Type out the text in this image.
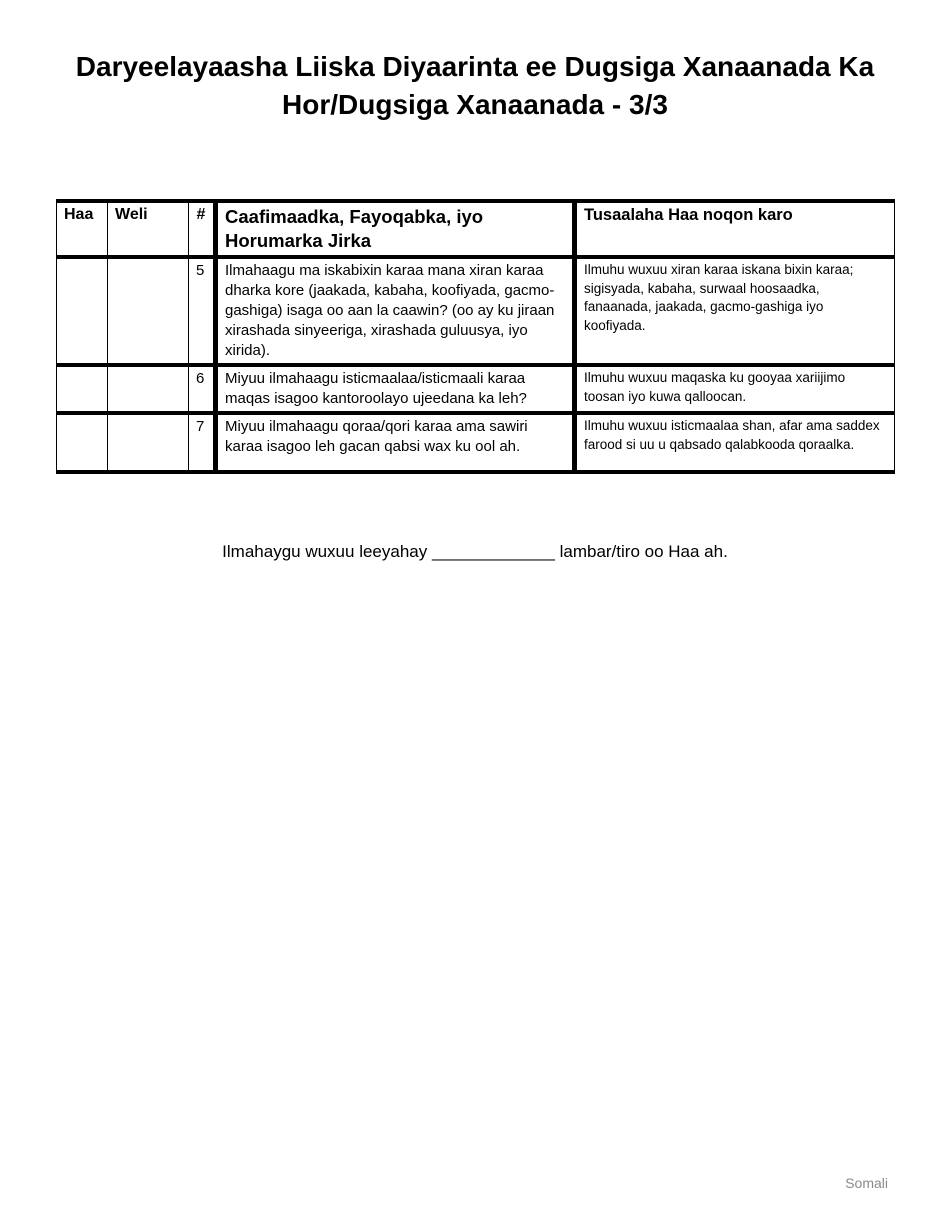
Daryeelayaasha Liiska Diyaarinta ee Dugsiga Xanaanada Ka
Hor/Dugsiga Xanaanada - 3/3
Haa	Weli	#	Caafimaadka, Fayoqabka, iyo Horumarka Jirka	Tusaalaha Haa noqon karo
		5	Ilmahaagu ma iskabixin karaa mana xiran karaa dharka kore (jaakada, kabaha, koofiyada, gacmo-gashiga) isaga oo aan la caawin? (oo ay ku jiraan xirashada sinyeeriga, xirashada guluusya, iyo xirida).	Ilmuhu wuxuu xiran karaa iskana bixin karaa; sigisyada, kabaha, surwaal hoosaadka, fanaanada, jaakada, gacmo-gashiga iyo koofiyada.
		6	Miyuu ilmahaagu isticmaalaa/isticmaali karaa maqas isagoo kantoroolayo ujeedana ka leh?	Ilmuhu wuxuu maqaska ku gooyaa xariijimo toosan iyo kuwa qalloocan.
		7	Miyuu ilmahaagu qoraa/qori karaa ama sawiri karaa isagoo leh gacan qabsi wax ku ool ah.	Ilmuhu wuxuu isticmaalaa shan, afar ama saddex farood si uu u qabsado qalabkooda qoraalka.
Ilmahaygu wuxuu leeyahay _____________ lambar/tiro oo Haa ah.
Somali
